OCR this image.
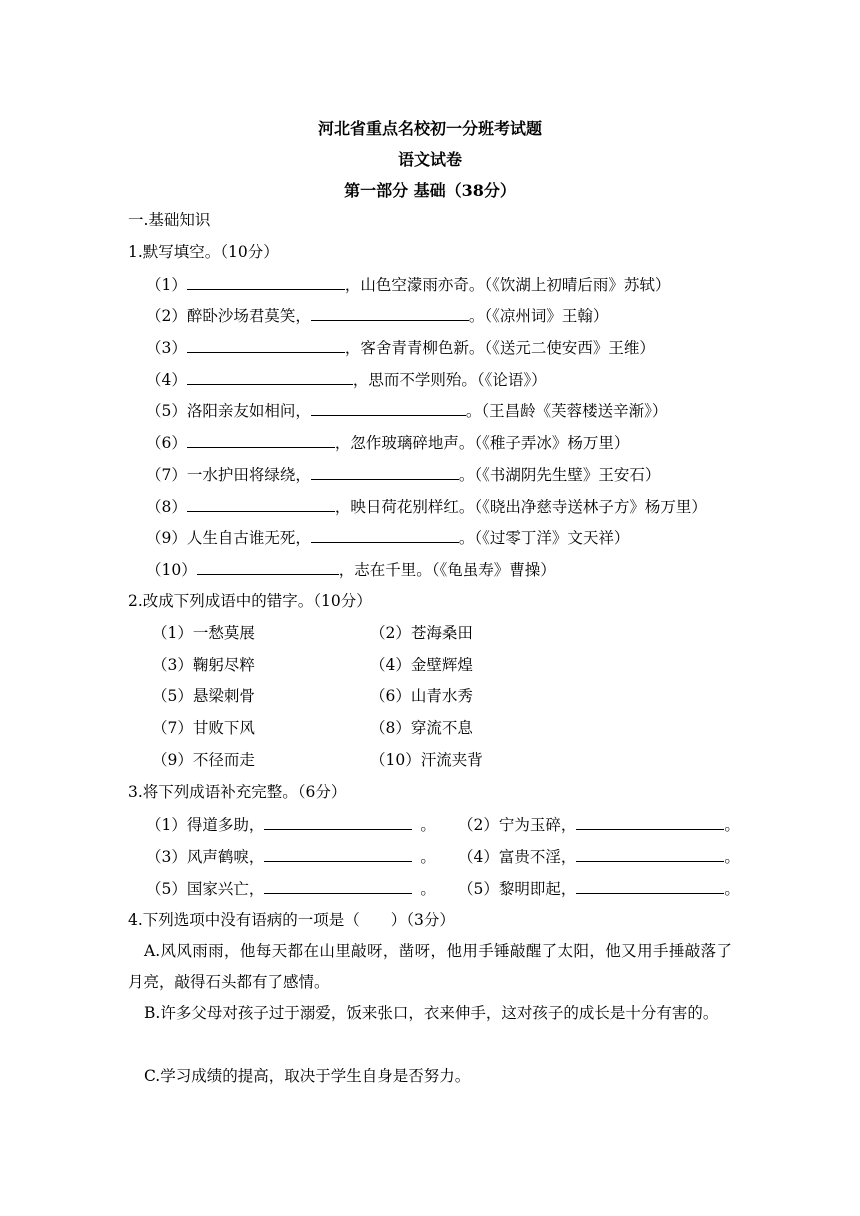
河北省重点名校初一分班考试题
语文试卷
第一部分 基础（38分）
一.基础知识
1.默写填空。（10分）
（1）	，山色空濛雨亦奇。（《饮湖上初晴后雨》苏轼）
（2）醉卧沙场君莫笑，	。（《凉州词》王翰）
（3）	，客舍青青柳色新。（《送元二使安西》王维）
（4）	，思而不学则殆。（《论语》）
（5）洛阳亲友如相问，	。（王昌龄《芙蓉楼送辛渐》）
（6）	，忽作玻璃碎地声。（《稚子弄冰》杨万里）
（7）一水护田将绿绕，	。（《书湖阴先生壁》王安石）
（8）	，映日荷花别样红。（《晓出净慈寺送林子方》杨万里）
（9）人生自古谁无死，	。（《过零丁洋》文天祥）
（10）	，志在千里。（《龟虽寿》曹操）
2.改成下列成语中的错字。（10分）
（1）一愁莫展	（2）苍海桑田
（3）鞠躬尽粹	（4）金壁辉煌
（5）悬梁刺骨	（6）山青水秀
（7）甘败下风	（8）穿流不息
（9）不径而走	（10）汗流夹背
3.将下列成语补充完整。（6分）
（1）得道多助，	。 （2）宁为玉碎，	。
（3）风声鹤唳，	。 （4）富贵不淫，	。
（5）国家兴亡，	。 （5）黎明即起，	。
4.下列选项中没有语病的一项是（　　）（3分）
A.风风雨雨，他每天都在山里敲呀，凿呀，他用手锤敲醒了太阳，他又用手捶敲落了月亮，敲得石头都有了感情。
B.许多父母对孩子过于溺爱，饭来张口，衣来伸手，这对孩子的成长是十分有害的。
C.学习成绩的提高，取决于学生自身是否努力。
